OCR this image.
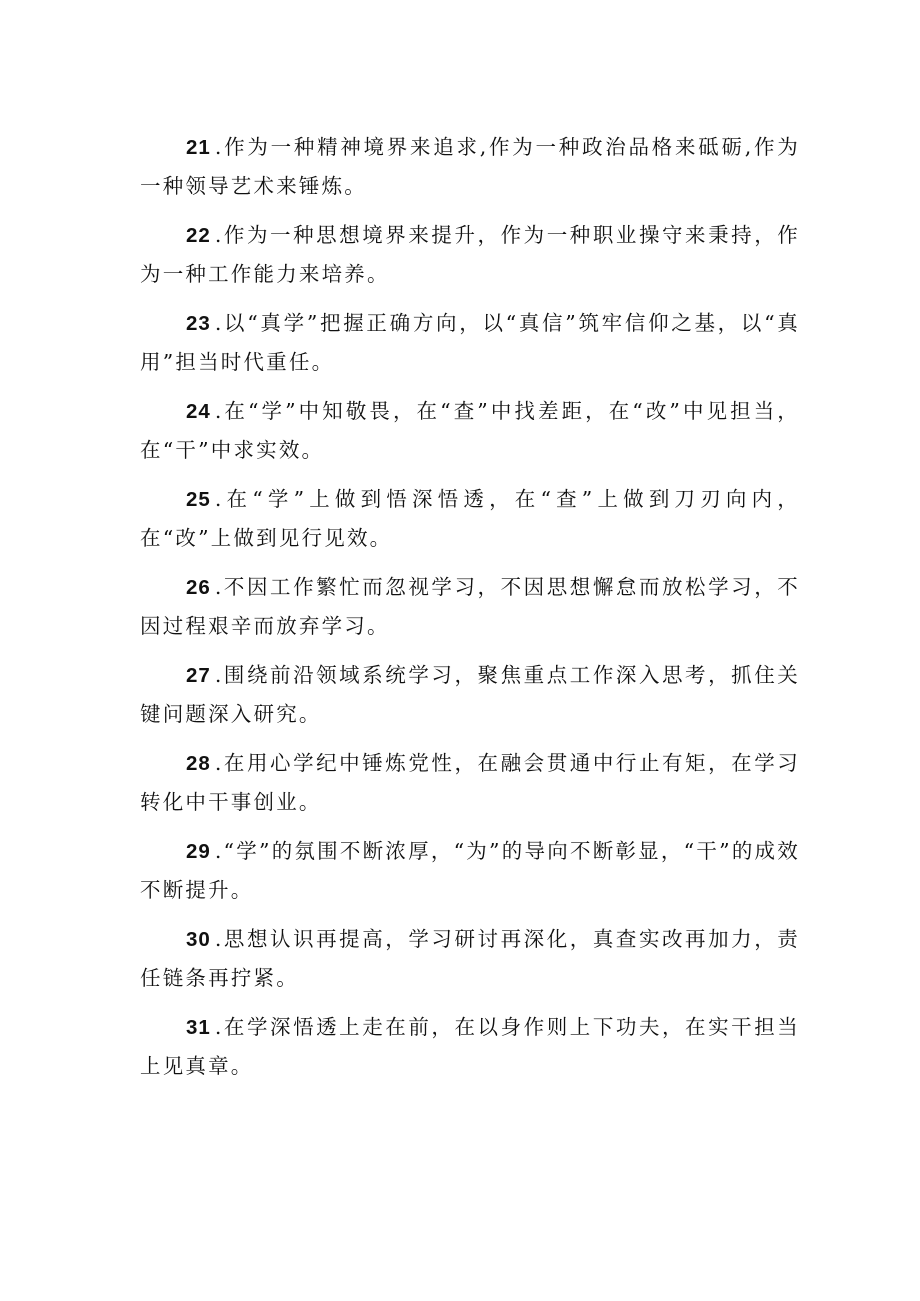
21 .作为一种精神境界来追求,作为一种政治品格来砥砺,作为一种领导艺术来锤炼。

22 .作为一种思想境界来提升，作为一种职业操守来秉持，作为一种工作能力来培养。

23 .以“真学”把握正确方向，以“真信”筑牢信仰之基，以“真用”担当时代重任。

24 .在“学”中知敬畏，在“查”中找差距，在“改”中见担当，在“干”中求实效。

25 .在“学”上做到悟深悟透，在“查”上做到刀刃向内，在“改”上做到见行见效。

26 .不因工作繁忙而忽视学习，不因思想懈怠而放松学习，不因过程艰辛而放弃学习。

27 .围绕前沿领域系统学习，聚焦重点工作深入思考，抓住关键问题深入研究。

28 .在用心学纪中锤炼党性，在融会贯通中行止有矩，在学习转化中干事创业。

29 .“学”的氛围不断浓厚，“为”的导向不断彰显，“干”的成效不断提升。

30 .思想认识再提高，学习研讨再深化，真查实改再加力，责任链条再拧紧。

31 .在学深悟透上走在前，在以身作则上下功夫，在实干担当上见真章。
